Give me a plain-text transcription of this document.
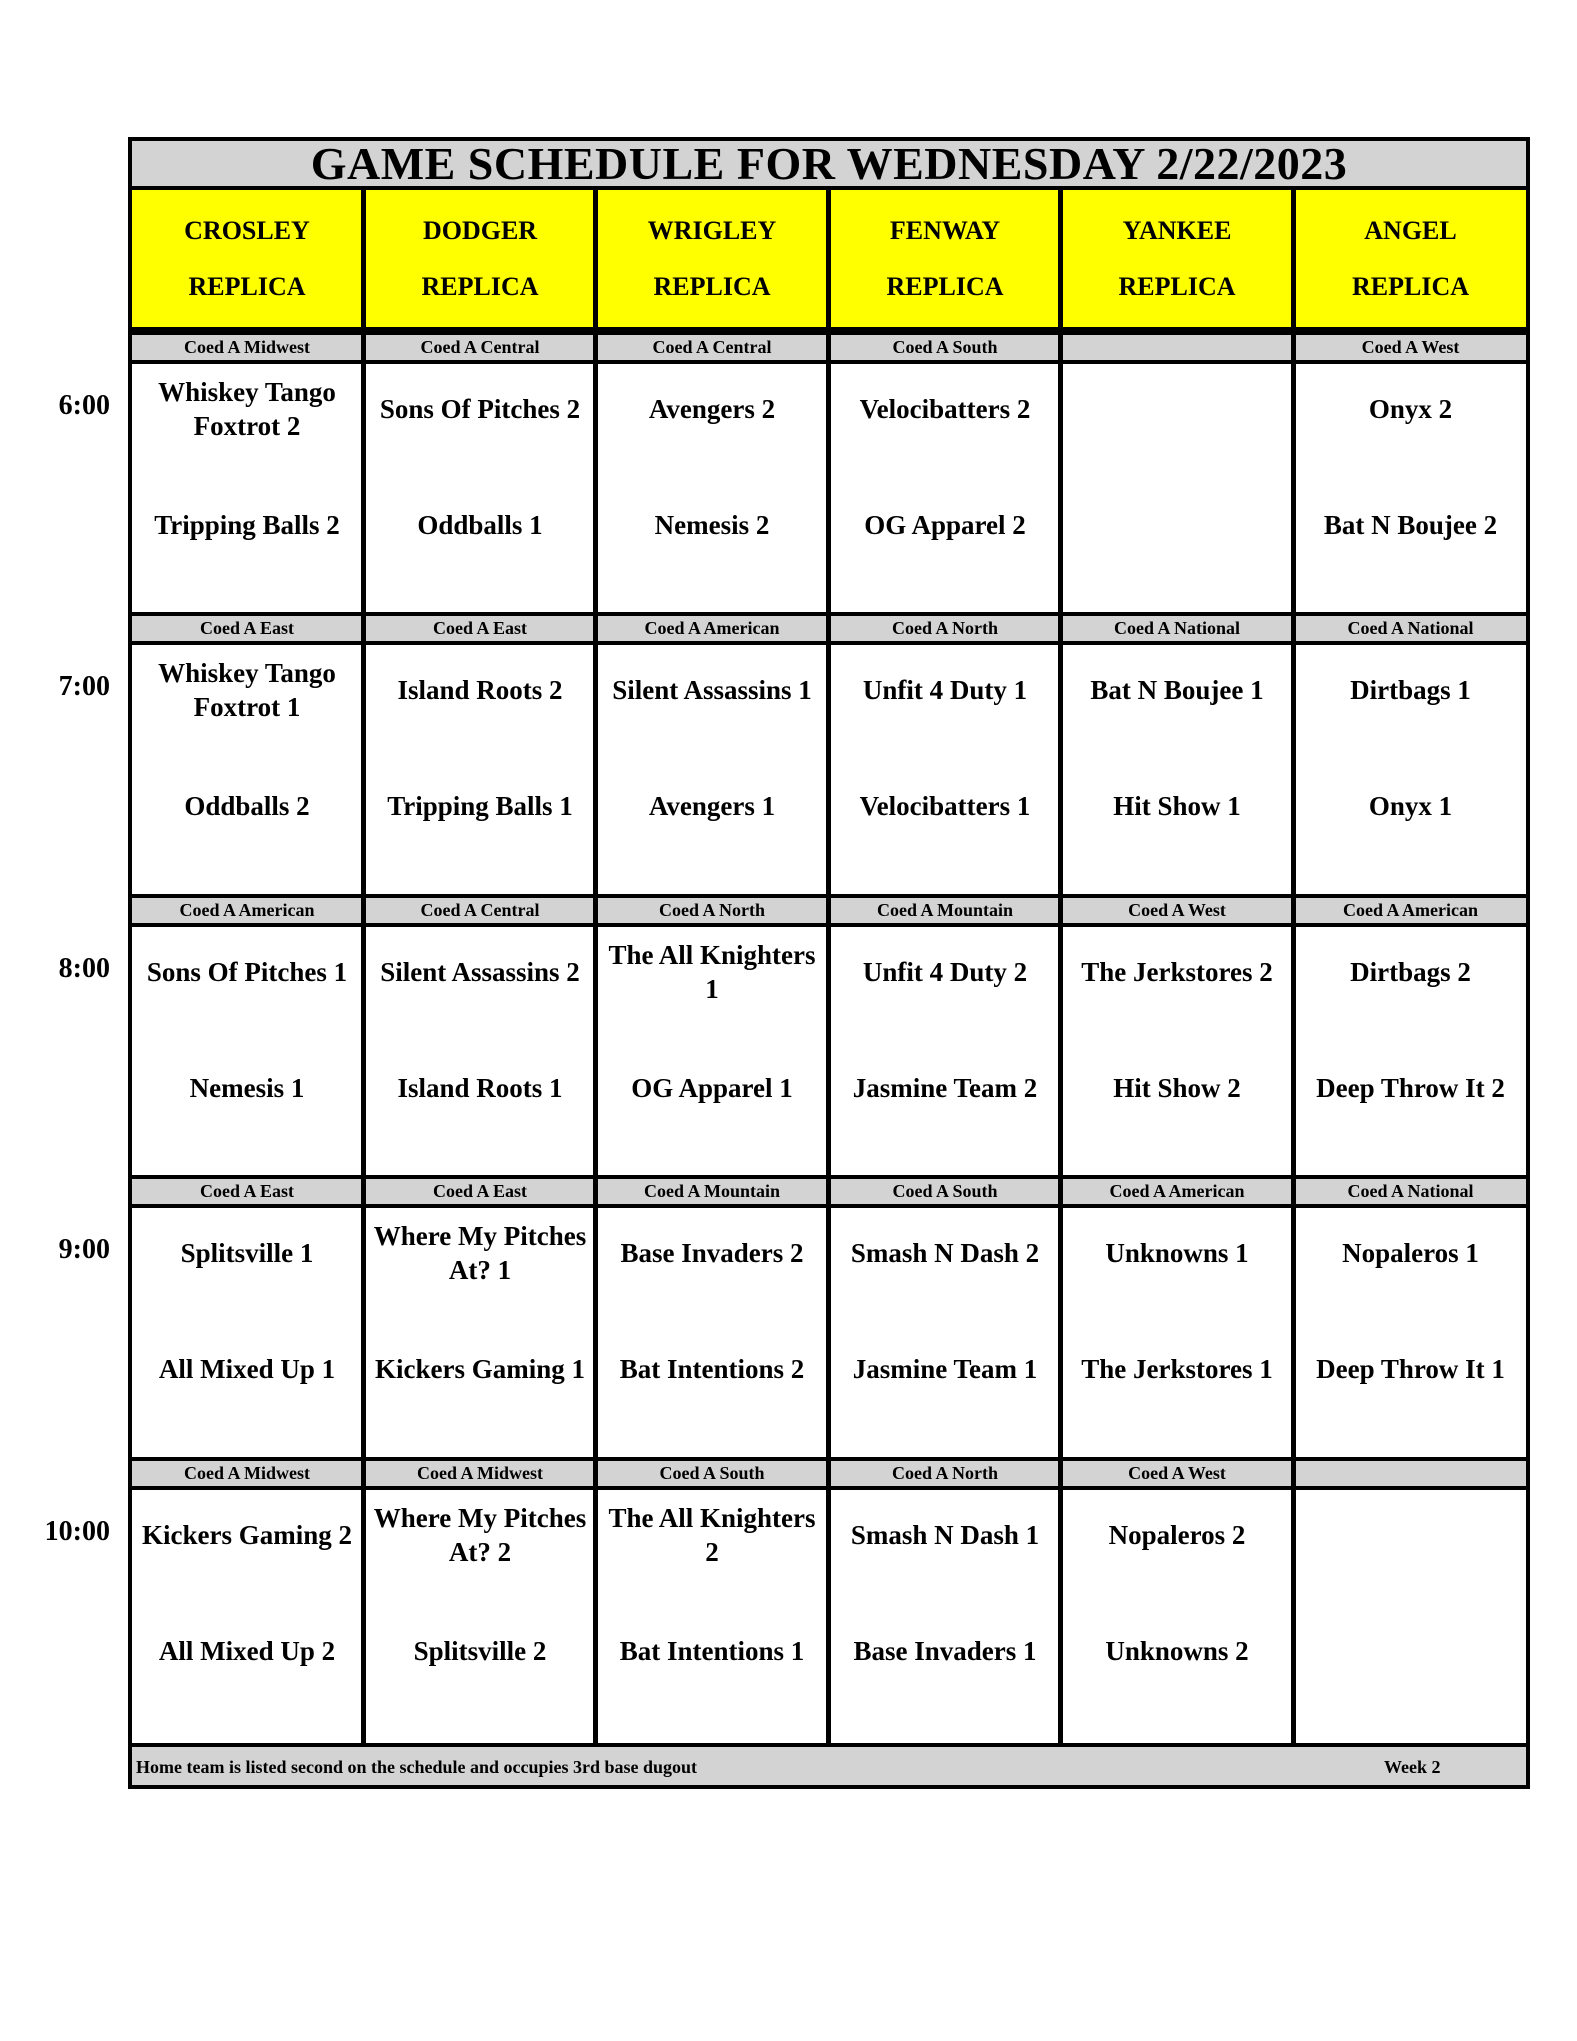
GAME SCHEDULE FOR WEDNESDAY 2/22/2023
CROSLEY
REPLICA
DODGER
REPLICA
WRIGLEY
REPLICA
FENWAY
REPLICA
YANKEE
REPLICA
ANGEL
REPLICA
6:00
Coed A Midwest
Whiskey Tango Foxtrot 2
Tripping Balls 2
Coed A Central
Sons Of Pitches 2
Oddballs 1
Coed A Central
Avengers 2
Nemesis 2
Coed A South
Velocibatters 2
OG Apparel 2
Coed A West
Onyx 2
Bat N Boujee 2
7:00
Coed A East
Whiskey Tango Foxtrot 1
Oddballs 2
Coed A East
Island Roots 2
Tripping Balls 1
Coed A American
Silent Assassins 1
Avengers 1
Coed A North
Unfit 4 Duty 1
Velocibatters 1
Coed A National
Bat N Boujee 1
Hit Show 1
Coed A National
Dirtbags 1
Onyx 1
8:00
Coed A American
Sons Of Pitches 1
Nemesis 1
Coed A Central
Silent Assassins 2
Island Roots 1
Coed A North
The All Knighters 1
OG Apparel 1
Coed A Mountain
Unfit 4 Duty 2
Jasmine Team 2
Coed A West
The Jerkstores 2
Hit Show 2
Coed A American
Dirtbags 2
Deep Throw It 2
9:00
Coed A East
Splitsville 1
All Mixed Up 1
Coed A East
Where My Pitches At? 1
Kickers Gaming 1
Coed A Mountain
Base Invaders 2
Bat Intentions 2
Coed A South
Smash N Dash 2
Jasmine Team 1
Coed A American
Unknowns 1
The Jerkstores 1
Coed A National
Nopaleros 1
Deep Throw It 1
10:00
Coed A Midwest
Kickers Gaming 2
All Mixed Up 2
Coed A Midwest
Where My Pitches At? 2
Splitsville 2
Coed A South
The All Knighters 2
Bat Intentions 1
Coed A North
Smash N Dash 1
Base Invaders 1
Coed A West
Nopaleros 2
Unknowns 2
Home team is listed second on the schedule and occupies 3rd base dugout	Week 2
